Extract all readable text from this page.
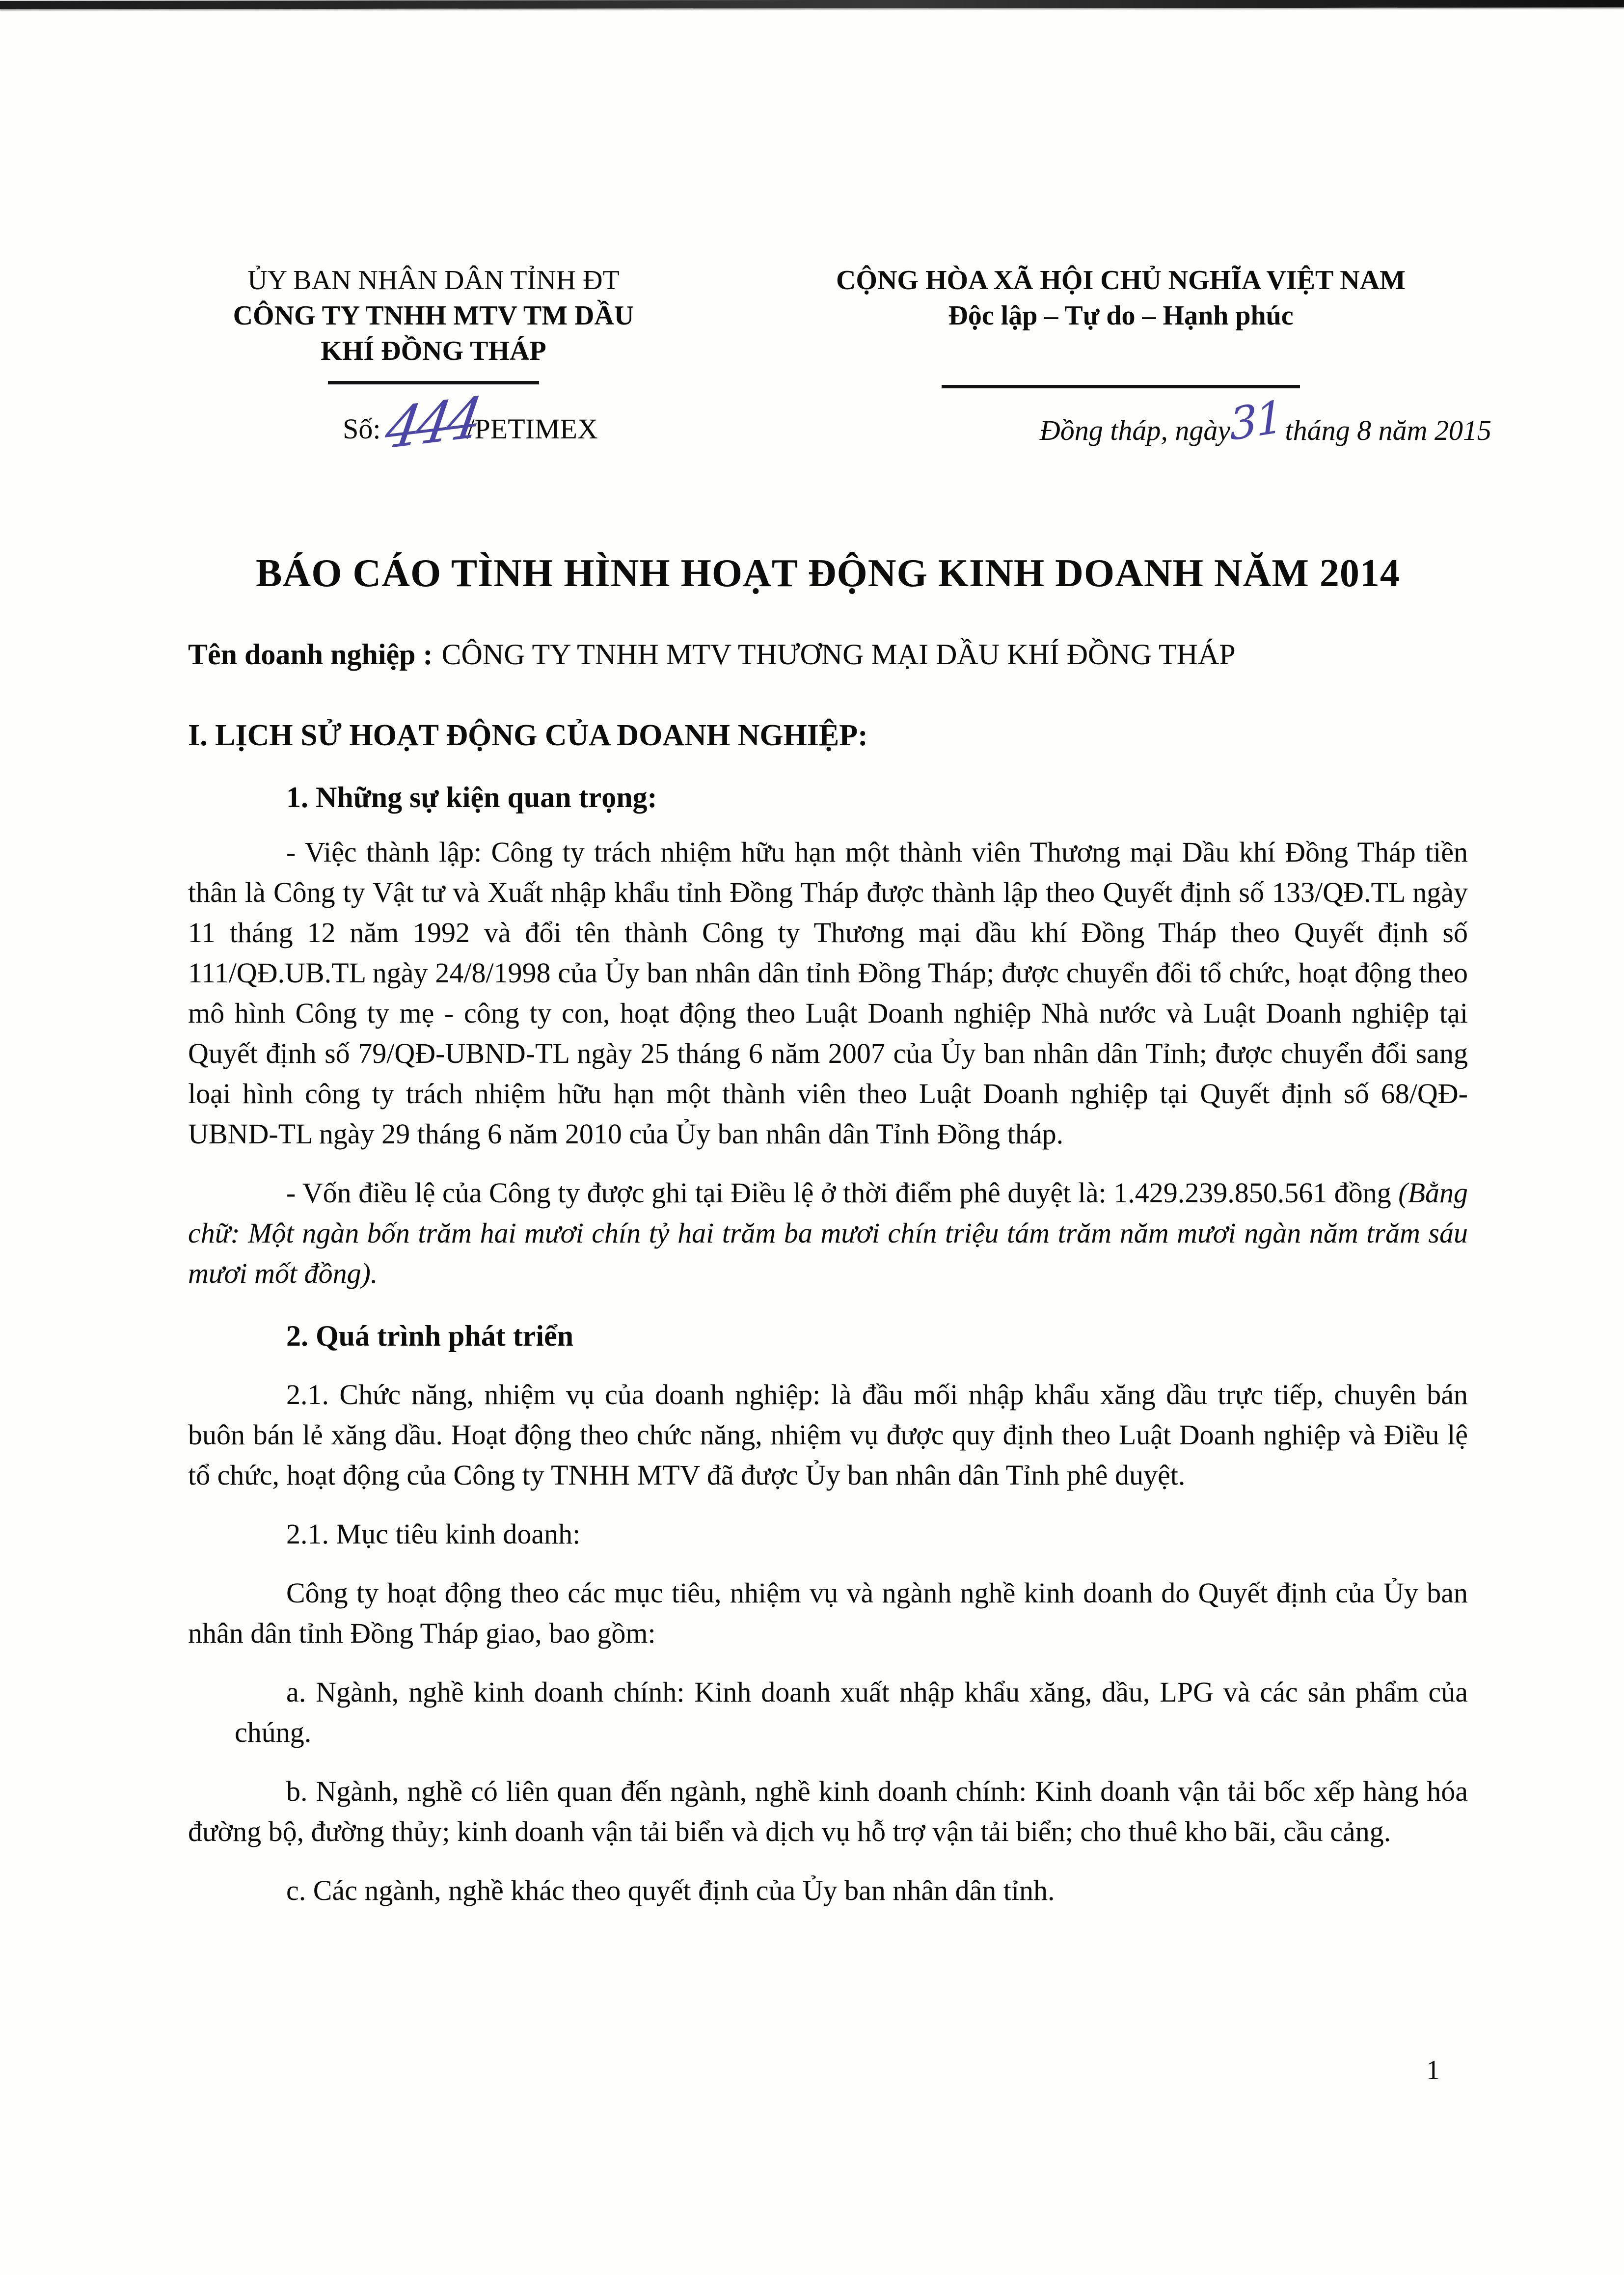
ỦY BAN NHÂN DÂN TỈNH ĐT
CÔNG TY TNHH MTV TM DẦU
KHÍ ĐỒNG THÁP
Số:444/PETIMEX
CỘNG HÒA XÃ HỘI CHỦ NGHĨA VIỆT NAM
Độc lập – Tự do – Hạnh phúc
Đồng tháp, ngày31tháng 8 năm 2015
BÁO CÁO TÌNH HÌNH HOẠT ĐỘNG KINH DOANH NĂM 2014

Tên doanh nghiệp : CÔNG TY TNHH MTV THƯƠNG MẠI DẦU KHÍ ĐỒNG THÁP

I. LỊCH SỬ HOẠT ĐỘNG CỦA DOANH NGHIỆP:
1. Những sự kiện quan trọng:

- Việc thành lập: Công ty trách nhiệm hữu hạn một thành viên Thương mại Dầu khí Đồng Tháp tiền thân là Công ty Vật tư và Xuất nhập khẩu tỉnh Đồng Tháp được thành lập theo Quyết định số 133/QĐ.TL ngày 11 tháng 12 năm 1992 và đổi tên thành Công ty Thương mại dầu khí Đồng Tháp theo Quyết định số 111/QĐ.UB.TL ngày 24/8/1998 của Ủy ban nhân dân tỉnh Đồng Tháp; được chuyển đổi tổ chức, hoạt động theo mô hình Công ty mẹ - công ty con, hoạt động theo Luật Doanh nghiệp Nhà nước và Luật Doanh nghiệp tại Quyết định số 79/QĐ-UBND-TL ngày 25 tháng 6 năm 2007 của Ủy ban nhân dân Tỉnh; được chuyển đổi sang loại hình công ty trách nhiệm hữu hạn một thành viên theo Luật Doanh nghiệp tại Quyết định số 68/QĐ-UBND-TL ngày 29 tháng 6 năm 2010 của Ủy ban nhân dân Tỉnh Đồng tháp.

- Vốn điều lệ của Công ty được ghi tại Điều lệ ở thời điểm phê duyệt là: 1.429.239.850.561 đồng (Bằng chữ: Một ngàn bốn trăm hai mươi chín tỷ hai trăm ba mươi chín triệu tám trăm năm mươi ngàn năm trăm sáu mươi mốt đồng).

2. Quá trình phát triển

2.1. Chức năng, nhiệm vụ của doanh nghiệp: là đầu mối nhập khẩu xăng dầu trực tiếp, chuyên bán buôn bán lẻ xăng dầu. Hoạt động theo chức năng, nhiệm vụ được quy định theo Luật Doanh nghiệp và Điều lệ tổ chức, hoạt động của Công ty TNHH MTV đã được Ủy ban nhân dân Tỉnh phê duyệt.

2.1. Mục tiêu kinh doanh:

Công ty hoạt động theo các mục tiêu, nhiệm vụ và ngành nghề kinh doanh do Quyết định của Ủy ban nhân dân tỉnh Đồng Tháp giao, bao gồm:

a. Ngành, nghề kinh doanh chính: Kinh doanh xuất nhập khẩu xăng, dầu, LPG và các sản phẩm của chúng.

b. Ngành, nghề có liên quan đến ngành, nghề kinh doanh chính: Kinh doanh vận tải bốc xếp hàng hóa đường bộ, đường thủy; kinh doanh vận tải biển và dịch vụ hỗ trợ vận tải biển; cho thuê kho bãi, cầu cảng.

c. Các ngành, nghề khác theo quyết định của Ủy ban nhân dân tỉnh.

1
